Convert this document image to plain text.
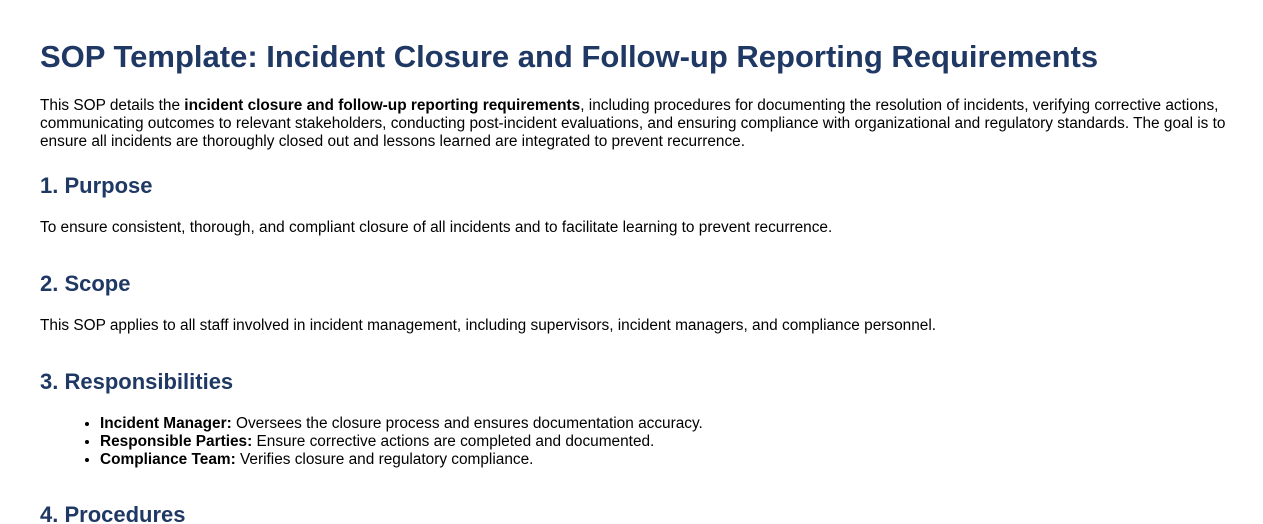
SOP Template: Incident Closure and Follow-up Reporting Requirements

This SOP details the incident closure and follow-up reporting requirements, including procedures for documenting the resolution of incidents, verifying corrective actions, communicating outcomes to relevant stakeholders, conducting post-incident evaluations, and ensuring compliance with organizational and regulatory standards. The goal is to ensure all incidents are thoroughly closed out and lessons learned are integrated to prevent recurrence.

1. Purpose

To ensure consistent, thorough, and compliant closure of all incidents and to facilitate learning to prevent recurrence.

2. Scope

This SOP applies to all staff involved in incident management, including supervisors, incident managers, and compliance personnel.

3. Responsibilities
• Incident Manager: Oversees the closure process and ensures documentation accuracy.
• Responsible Parties: Ensure corrective actions are completed and documented.
• Compliance Team: Verifies closure and regulatory compliance.
4. Procedures
